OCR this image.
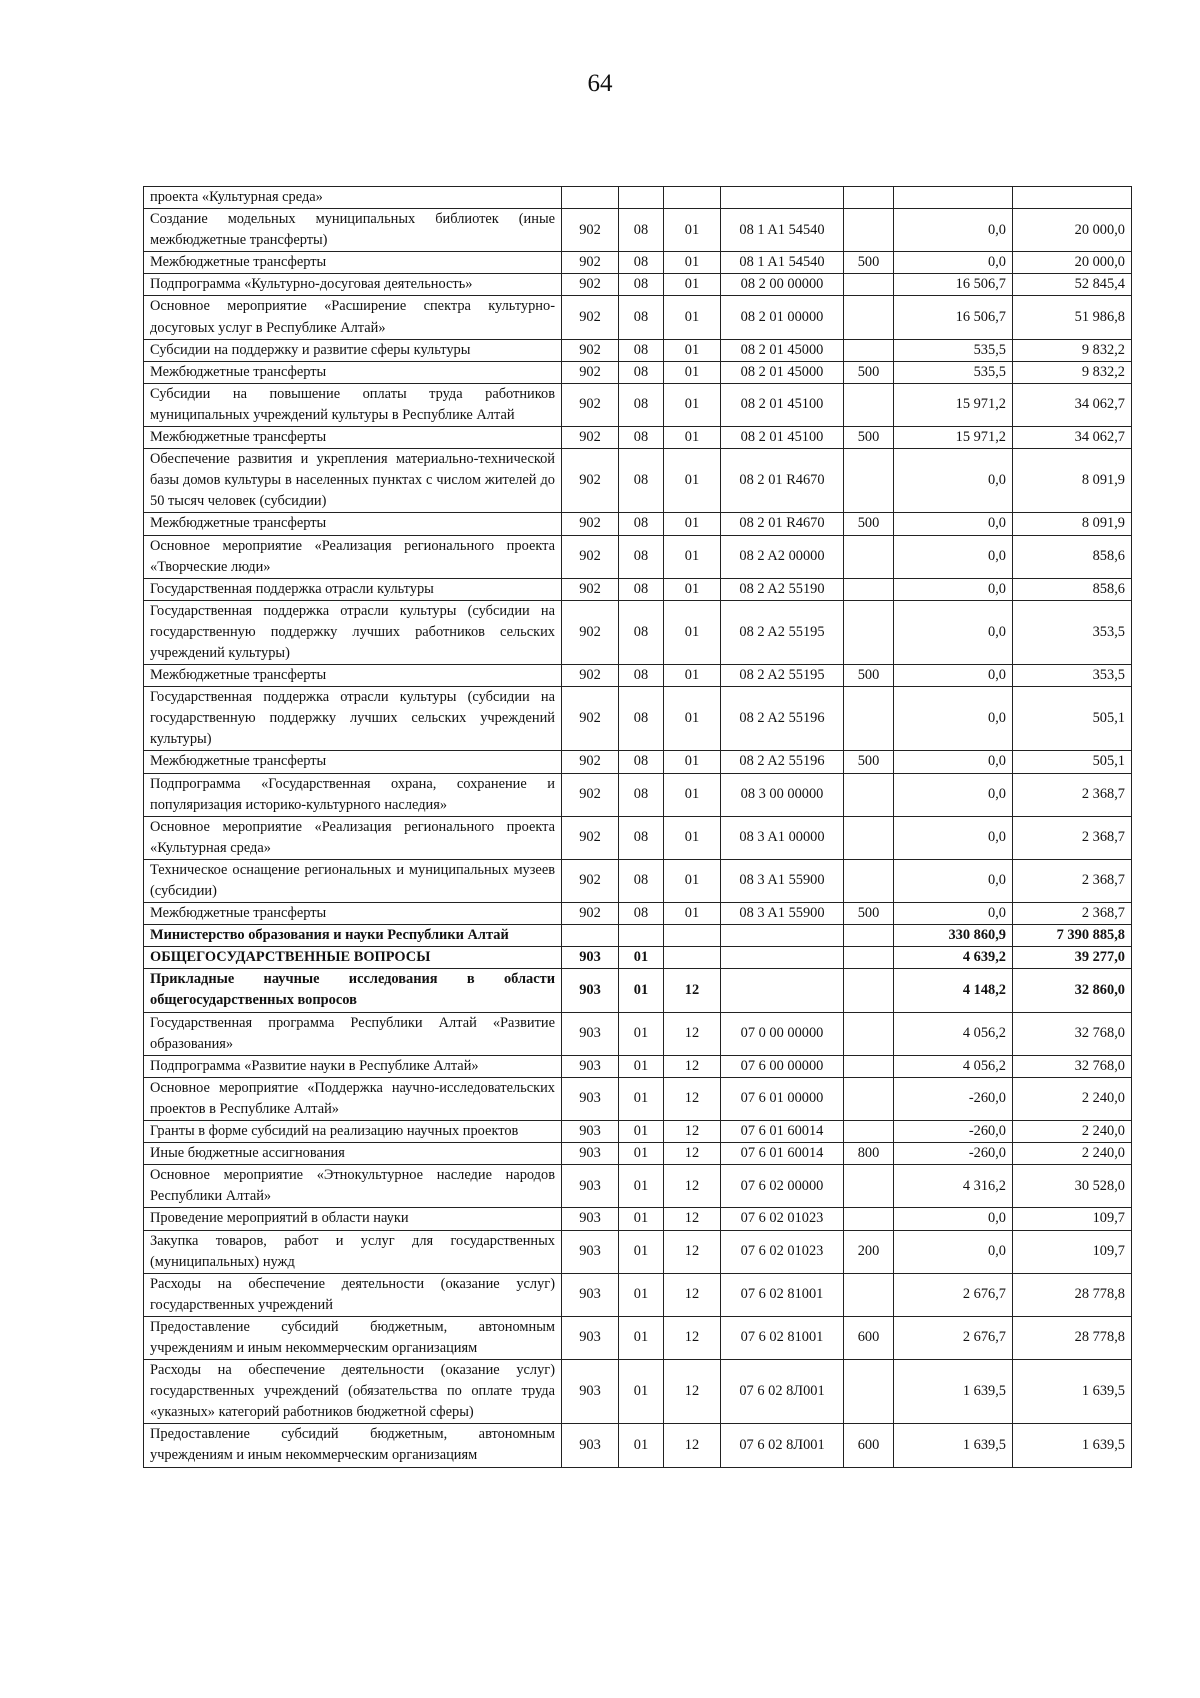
64
проекта «Культурная среда»							
Создание модельных муниципальных библиотек (иные межбюджетные трансферты)	902	08	01	08 1 A1 54540		0,0	20 000,0
Межбюджетные трансферты	902	08	01	08 1 A1 54540	500	0,0	20 000,0
Подпрограмма «Культурно-досуговая деятельность»	902	08	01	08 2 00 00000		16 506,7	52 845,4
Основное мероприятие «Расширение спектра культурно-досуговых услуг в Республике Алтай»	902	08	01	08 2 01 00000		16 506,7	51 986,8
Субсидии на поддержку и развитие сферы культуры	902	08	01	08 2 01 45000		535,5	9 832,2
Межбюджетные трансферты	902	08	01	08 2 01 45000	500	535,5	9 832,2
Субсидии на повышение оплаты труда работников муниципальных учреждений культуры в Республике Алтай	902	08	01	08 2 01 45100		15 971,2	34 062,7
Межбюджетные трансферты	902	08	01	08 2 01 45100	500	15 971,2	34 062,7
Обеспечение развития и укрепления материально-технической базы домов культуры в населенных пунктах с числом жителей до 50 тысяч человек (субсидии)	902	08	01	08 2 01 R4670		0,0	8 091,9
Межбюджетные трансферты	902	08	01	08 2 01 R4670	500	0,0	8 091,9
Основное мероприятие «Реализация регионального проекта «Творческие люди»	902	08	01	08 2 A2 00000		0,0	858,6
Государственная поддержка отрасли культуры	902	08	01	08 2 A2 55190		0,0	858,6
Государственная поддержка отрасли культуры (субсидии на государственную поддержку лучших работников сельских учреждений культуры)	902	08	01	08 2 A2 55195		0,0	353,5
Межбюджетные трансферты	902	08	01	08 2 A2 55195	500	0,0	353,5
Государственная поддержка отрасли культуры (субсидии на государственную поддержку лучших сельских учреждений культуры)	902	08	01	08 2 A2 55196		0,0	505,1
Межбюджетные трансферты	902	08	01	08 2 A2 55196	500	0,0	505,1
Подпрограмма «Государственная охрана, сохранение и популяризация историко-культурного наследия»	902	08	01	08 3 00 00000		0,0	2 368,7
Основное мероприятие «Реализация регионального проекта «Культурная среда»	902	08	01	08 3 A1 00000		0,0	2 368,7
Техническое оснащение региональных и муниципальных музеев (субсидии)	902	08	01	08 3 A1 55900		0,0	2 368,7
Межбюджетные трансферты	902	08	01	08 3 A1 55900	500	0,0	2 368,7
Министерство образования и науки Республики Алтай						330 860,9	7 390 885,8
ОБЩЕГОСУДАРСТВЕННЫЕ ВОПРОСЫ	903	01				4 639,2	39 277,0
Прикладные научные исследования в области общегосударственных вопросов	903	01	12			4 148,2	32 860,0
Государственная программа Республики Алтай «Развитие образования»	903	01	12	07 0 00 00000		4 056,2	32 768,0
Подпрограмма «Развитие науки в Республике Алтай»	903	01	12	07 6 00 00000		4 056,2	32 768,0
Основное мероприятие «Поддержка научно-исследовательских проектов в Республике Алтай»	903	01	12	07 6 01 00000		-260,0	2 240,0
Гранты в форме субсидий на реализацию научных проектов	903	01	12	07 6 01 60014		-260,0	2 240,0
Иные бюджетные ассигнования	903	01	12	07 6 01 60014	800	-260,0	2 240,0
Основное мероприятие «Этнокультурное наследие народов Республики Алтай»	903	01	12	07 6 02 00000		4 316,2	30 528,0
Проведение мероприятий в области науки	903	01	12	07 6 02 01023		0,0	109,7
Закупка товаров, работ и услуг для государственных (муниципальных) нужд	903	01	12	07 6 02 01023	200	0,0	109,7
Расходы на обеспечение деятельности (оказание услуг) государственных учреждений	903	01	12	07 6 02 81001		2 676,7	28 778,8
Предоставление субсидий бюджетным, автономным учреждениям и иным некоммерческим организациям	903	01	12	07 6 02 81001	600	2 676,7	28 778,8
Расходы на обеспечение деятельности (оказание услуг) государственных учреждений (обязательства по оплате труда «указных» категорий работников бюджетной сферы)	903	01	12	07 6 02 8Л001		1 639,5	1 639,5
Предоставление субсидий бюджетным, автономным учреждениям и иным некоммерческим организациям	903	01	12	07 6 02 8Л001	600	1 639,5	1 639,5
